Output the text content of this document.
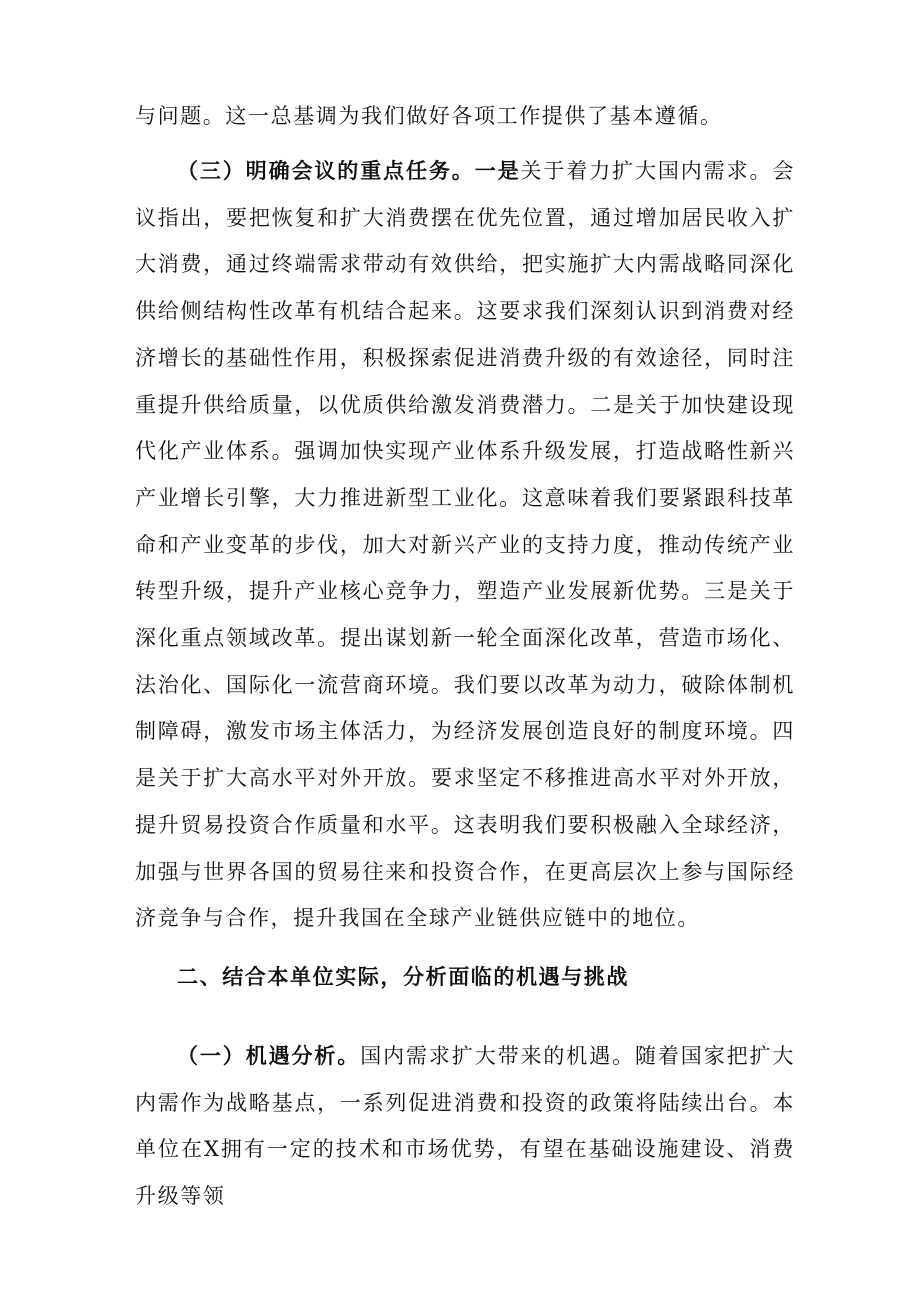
与问题。这一总基调为我们做好各项工作提供了基本遵循。

（三）明确会议的重点任务。一是关于着力扩大国内需求。会议指出，要把恢复和扩大消费摆在优先位置，通过增加居民收入扩大消费，通过终端需求带动有效供给，把实施扩大内需战略同深化供给侧结构性改革有机结合起来。这要求我们深刻认识到消费对经济增长的基础性作用，积极探索促进消费升级的有效途径，同时注重提升供给质量，以优质供给激发消费潜力。二是关于加快建设现代化产业体系。强调加快实现产业体系升级发展，打造战略性新兴产业增长引擎，大力推进新型工业化。这意味着我们要紧跟科技革命和产业变革的步伐，加大对新兴产业的支持力度，推动传统产业转型升级，提升产业核心竞争力，塑造产业发展新优势。三是关于深化重点领域改革。提出谋划新一轮全面深化改革，营造市场化、法治化、国际化一流营商环境。我们要以改革为动力，破除体制机制障碍，激发市场主体活力，为经济发展创造良好的制度环境。四是关于扩大高水平对外开放。要求坚定不移推进高水平对外开放，提升贸易投资合作质量和水平。这表明我们要积极融入全球经济，加强与世界各国的贸易往来和投资合作，在更高层次上参与国际经济竞争与合作，提升我国在全球产业链供应链中的地位。

二、结合本单位实际，分析面临的机遇与挑战

（一）机遇分析。国内需求扩大带来的机遇。随着国家把扩大内需作为战略基点，一系列促进消费和投资的政策将陆续出台。本单位在X拥有一定的技术和市场优势，有望在基础设施建设、消费升级等领
